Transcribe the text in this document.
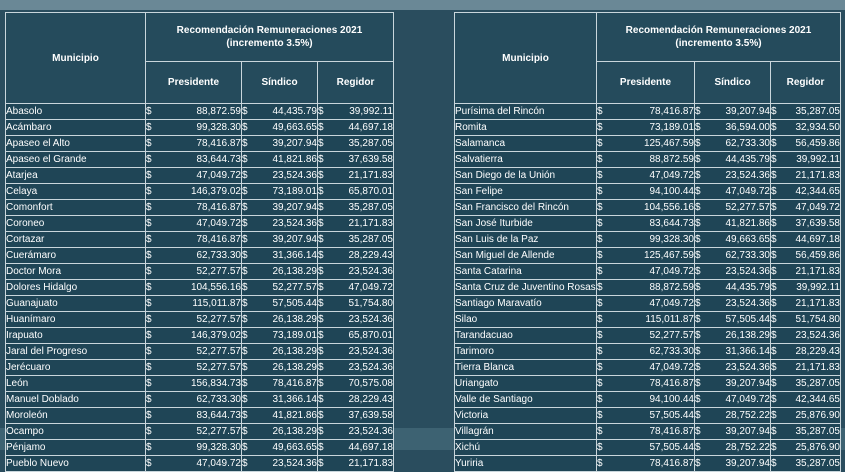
Municipio	Recomendación Remuneraciones 2021
(incremento 3.5%)		

	Presidente	Síndico	Regidor
Abasolo	$ 88,872.59	$ 44,435.79	$ 39,992.11

Acámbaro	$ 99,328.30	$ 49,663.65	$ 44,697.18

Apaseo el Alto	$ 78,416.87	$ 39,207.94	$ 35,287.05

Apaseo el Grande	$ 83,644.73	$ 41,821.86	$ 37,639.58

Atarjea	$ 47,049.72	$ 23,524.36	$ 21,171.83

Celaya	$ 146,379.02	$ 73,189.01	$ 65,870.01

Comonfort	$ 78,416.87	$ 39,207.94	$ 35,287.05

Coroneo	$ 47,049.72	$ 23,524.36	$ 21,171.83

Cortazar	$ 78,416.87	$ 39,207.94	$ 35,287.05

Cuerámaro	$ 62,733.30	$ 31,366.14	$ 28,229.43

Doctor Mora	$ 52,277.57	$ 26,138.29	$ 23,524.36

Dolores Hidalgo	$ 104,556.16	$ 52,277.57	$ 47,049.72

Guanajuato	$ 115,011.87	$ 57,505.44	$ 51,754.80

Huanímaro	$ 52,277.57	$ 26,138.29	$ 23,524.36

Irapuato	$ 146,379.02	$ 73,189.01	$ 65,870.01

Jaral del Progreso	$ 52,277.57	$ 26,138.29	$ 23,524.36

Jerécuaro	$ 52,277.57	$ 26,138.29	$ 23,524.36

León	$ 156,834.73	$ 78,416.87	$ 70,575.08

Manuel Doblado	$ 62,733.30	$ 31,366.14	$ 28,229.43

Moroleón	$ 83,644.73	$ 41,821.86	$ 37,639.58

Ocampo	$ 52,277.57	$ 26,138.29	$ 23,524.36

Pénjamo	$ 99,328.30	$ 49,663.65	$ 44,697.18

Pueblo Nuevo	$ 47,049.72	$ 23,524.36	$ 21,171.83
Municipio	Recomendación Remuneraciones 2021
(incremento 3.5%)		

	Presidente	Síndico	Regidor
Purísima del Rincón	$ 78,416.87	$ 39,207.94	$ 35,287.05

Romita	$ 73,189.01	$ 36,594.00	$ 32,934.50

Salamanca	$ 125,467.59	$ 62,733.30	$ 56,459.86

Salvatierra	$ 88,872.59	$ 44,435.79	$ 39,992.11

San Diego de la Unión	$ 47,049.72	$ 23,524.36	$ 21,171.83

San Felipe	$ 94,100.44	$ 47,049.72	$ 42,344.65

San Francisco del Rincón	$ 104,556.16	$ 52,277.57	$ 47,049.72

San José Iturbide	$ 83,644.73	$ 41,821.86	$ 37,639.58

San Luis de la Paz	$ 99,328.30	$ 49,663.65	$ 44,697.18

San Miguel de Allende	$ 125,467.59	$ 62,733.30	$ 56,459.86

Santa Catarina	$ 47,049.72	$ 23,524.36	$ 21,171.83

Santa Cruz de Juventino Rosas	$ 88,872.59	$ 44,435.79	$ 39,992.11

Santiago Maravatío	$ 47,049.72	$ 23,524.36	$ 21,171.83

Silao	$ 115,011.87	$ 57,505.44	$ 51,754.80

Tarandacuao	$ 52,277.57	$ 26,138.29	$ 23,524.36

Tarimoro	$ 62,733.30	$ 31,366.14	$ 28,229.43

Tierra Blanca	$ 47,049.72	$ 23,524.36	$ 21,171.83

Uriangato	$ 78,416.87	$ 39,207.94	$ 35,287.05

Valle de Santiago	$ 94,100.44	$ 47,049.72	$ 42,344.65

Victoria	$ 57,505.44	$ 28,752.22	$ 25,876.90

Villagrán	$ 78,416.87	$ 39,207.94	$ 35,287.05

Xichú	$ 57,505.44	$ 28,752.22	$ 25,876.90

Yuriria	$ 78,416.87	$ 39,207.94	$ 35,287.05
